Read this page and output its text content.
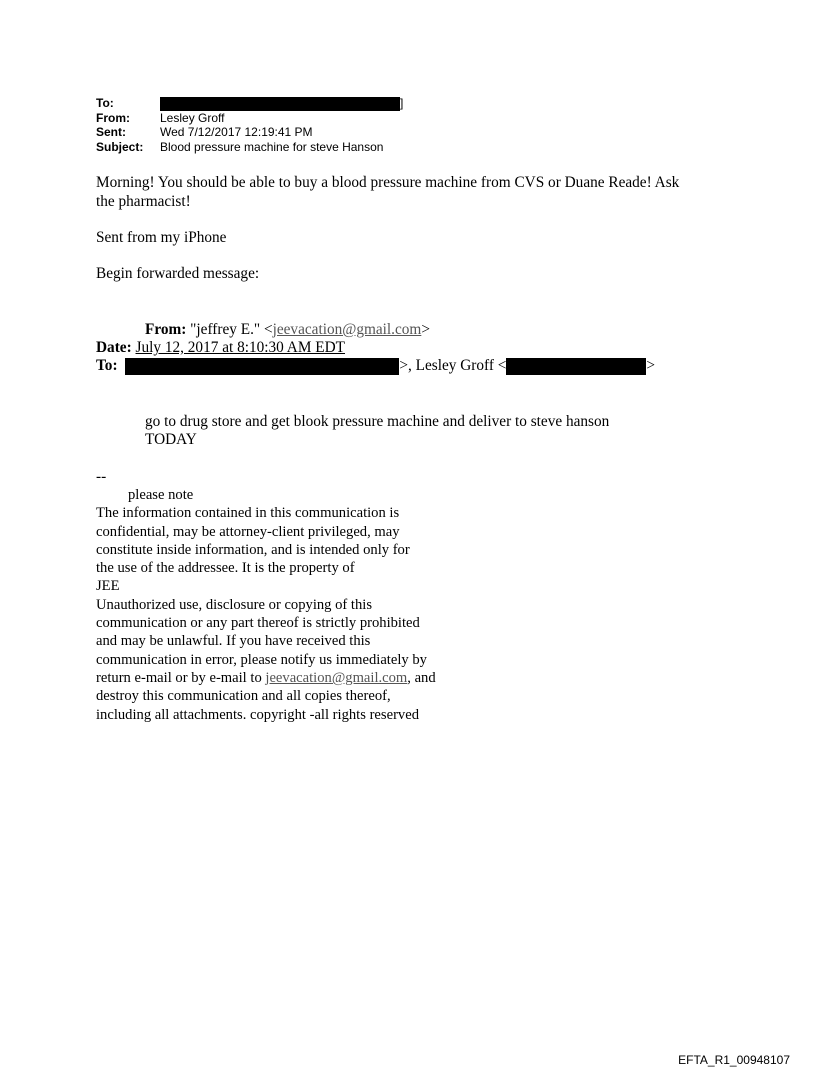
To:	]
From:	Lesley Groff
Sent:	Wed 7/12/2017 12:19:41 PM
Subject: Blood pressure machine for steve Hanson
Morning! You should be able to buy a blood pressure machine from CVS or Duane Reade! Ask
the pharmacist!
Sent from my iPhone
Begin forwarded message:
From: "jeffrey E." <jeevacation@gmail.com>
Date: July 12, 2017 at 8:10:30 AM EDT
To:	>, Lesley Groff <	>
go to drug store and get blook pressure machine and deliver to steve hanson
TODAY
--
please note
The information contained in this communication is
confidential, may be attorney-client privileged, may
constitute inside information, and is intended only for
the use of the addressee. It is the property of
JEE
Unauthorized use, disclosure or copying of this
communication or any part thereof is strictly prohibited
and may be unlawful. If you have received this
communication in error, please notify us immediately by
return e-mail or by e-mail to jeevacation@gmail.com, and
destroy this communication and all copies thereof,
including all attachments. copyright -all rights reserved
EFTA_R1_00948107
